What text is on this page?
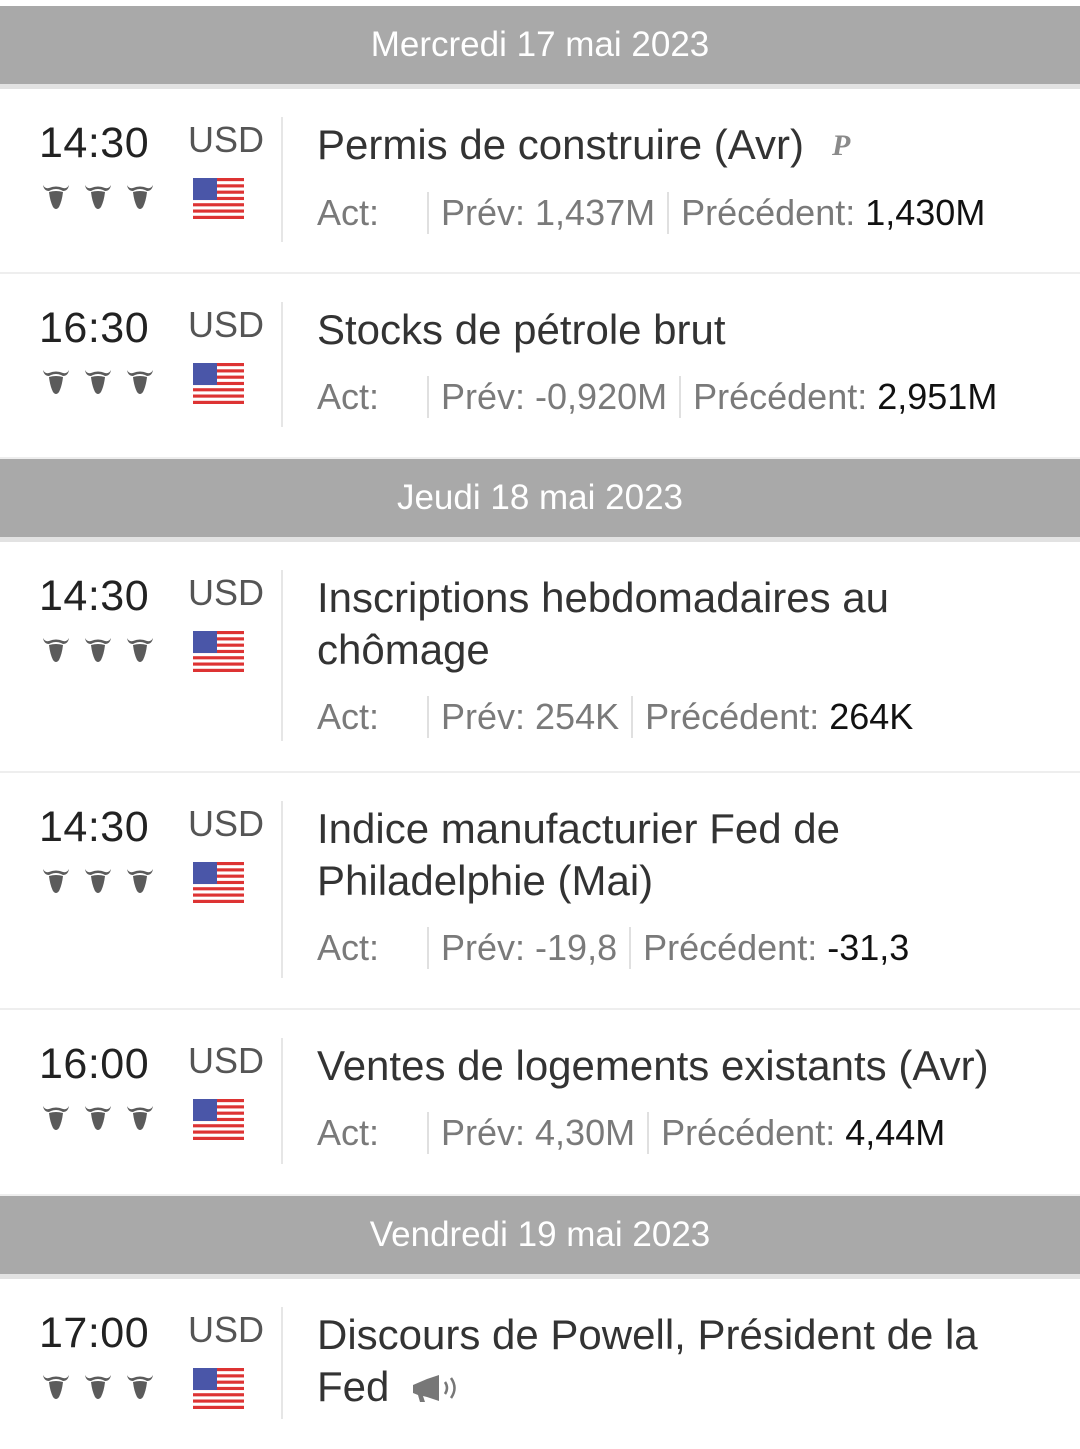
Mercredi 17 mai 2023
14:30 USD Permis de construire (Avr) P
Act: Prév: 1,437M Précédent: 1,430M
16:30 USD Stocks de pétrole brut
Act: Prév: -0,920M Précédent: 2,951M
Jeudi 18 mai 2023
14:30 USD Inscriptions hebdomadaires au chômage
Act: Prév: 254K Précédent: 264K
14:30 USD Indice manufacturier Fed de Philadelphie (Mai)
Act: Prév: -19,8 Précédent: -31,3
16:00 USD Ventes de logements existants (Avr)
Act: Prév: 4,30M Précédent: 4,44M
Vendredi 19 mai 2023
17:00 USD Discours de Powell, Président de la Fed
